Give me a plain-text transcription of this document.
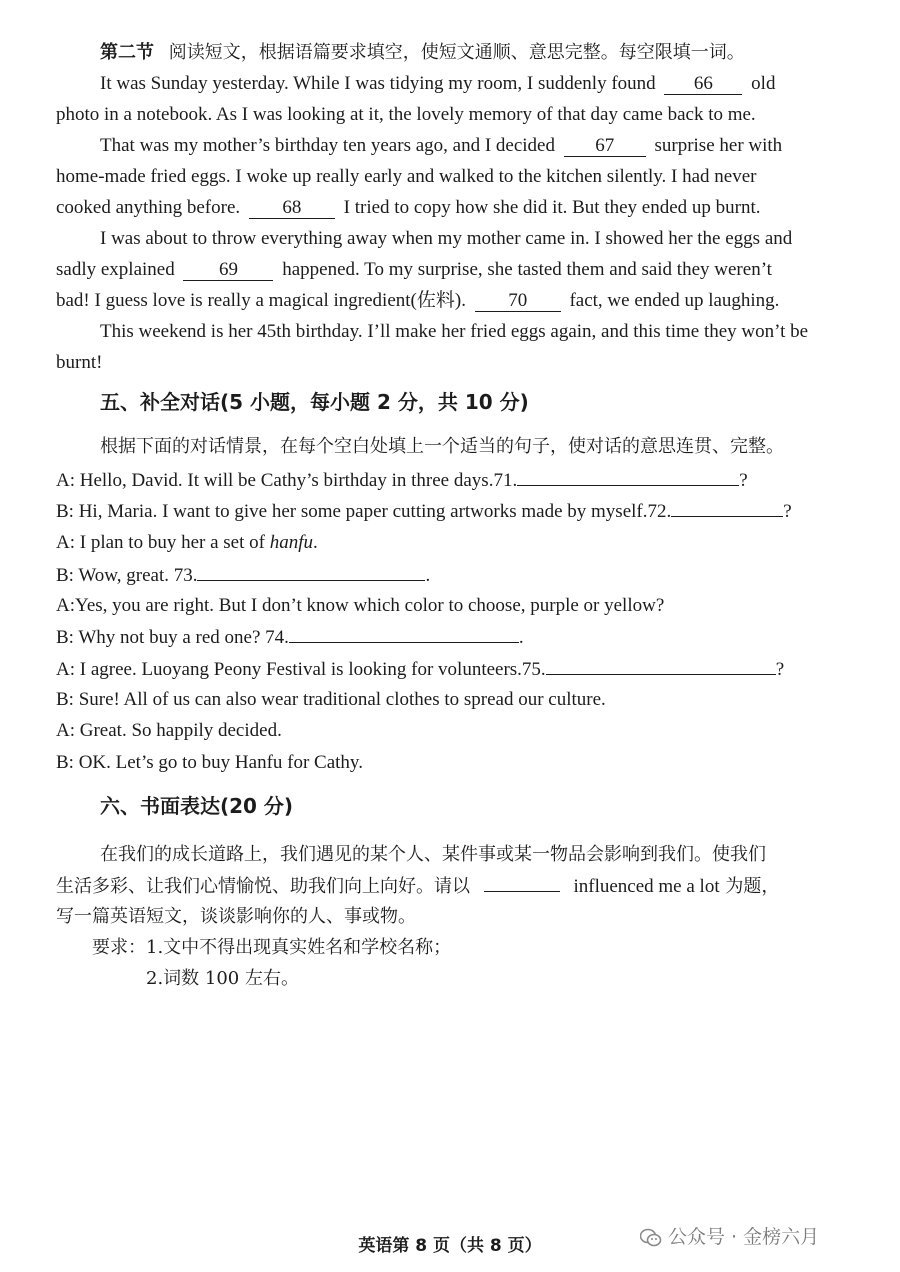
第二节 阅读短文，根据语篇要求填空，使短文通顺、意思完整。每空限填一词。
It was Sunday yesterday. While I was tidying my room, I suddenly found 66 old
photo in a notebook. As I was looking at it, the lovely memory of that day came back to me.
That was my mother’s birthday ten years ago, and I decided 67 surprise her with
home-made fried eggs. I woke up really early and walked to the kitchen silently. I had never
cooked anything before. 68 I tried to copy how she did it. But they ended up burnt.
I was about to throw everything away when my mother came in. I showed her the eggs and
sadly explained 69 happened. To my surprise, she tasted them and said they weren’t
bad! I guess love is really a magical ingredient(佐料). 70 fact, we ended up laughing.
This weekend is her 45th birthday. I’ll make her fried eggs again, and this time they won’t be
burnt!
五、补全对话(5 小题，每小题 2 分，共 10 分)
根据下面的对话情景，在每个空白处填上一个适当的句子，使对话的意思连贯、完整。
A: Hello, David. It will be Cathy’s birthday in three days.71.	?
B: Hi, Maria. I want to give her some paper cutting artworks made by myself.72.	?
A: I plan to buy her a set of hanfu.
B: Wow, great. 73.	.
A:Yes, you are right. But I don’t know which color to choose, purple or yellow?
B: Why not buy a red one? 74.	.
A: I agree. Luoyang Peony Festival is looking for volunteers.75.	?
B: Sure! All of us can also wear traditional clothes to spread our culture.
A: Great. So happily decided.
B: OK. Let’s go to buy Hanfu for Cathy.
六、书面表达(20 分)
在我们的成长道路上，我们遇见的某个人、某件事或某一物品会影响到我们。使我们
生活多彩、让我们心情愉悦、助我们向上向好。请以	influenced me a lot 为题，
写一篇英语短文，谈谈影响你的人、事或物。
要求：1.文中不得出现真实姓名和学校名称；
2.词数 100 左右。
英语第 8 页（共 8 页）	公众号 · 金榜六月
